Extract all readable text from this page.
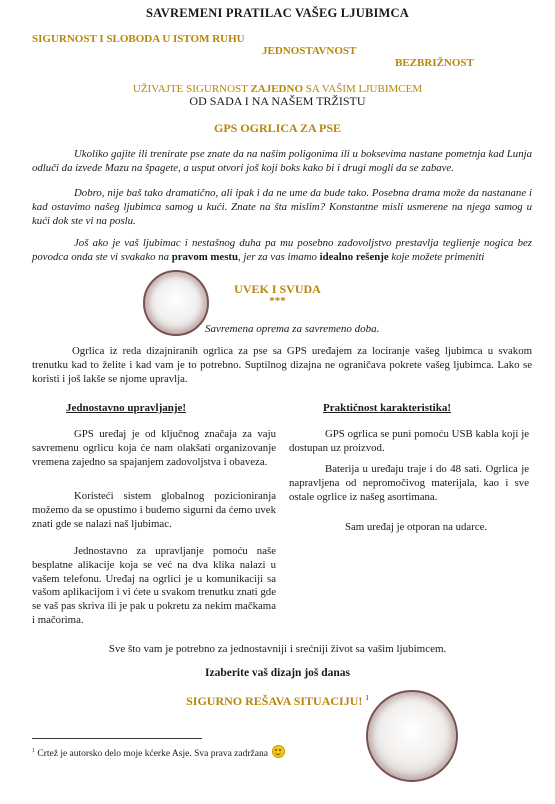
SAVREMENI PRATILAC VAŠEG LJUBIMCA
SIGURNOST I SLOBODA U ISTOM RUHU
JEDNOSTAVNOST
BEZBRIŽNOST
UŽIVAJTE SIGURNOST ZAJEDNO SA VAŠIM LJUBIMCEM
OD SADA I NA NAŠEM TRŽISTU
GPS OGRLICA ZA PSE
Ukoliko gajite ili trenirate pse znate da na našim poligonima ili u boksevima nastane pometnja kad Lunja odluči da izvede Mazu na špagete, a usput otvori još koji boks kako bi i drugi mogli da se zabave.
Dobro, nije baš tako dramatično, ali ipak i da ne ume da bude tako. Posebna drama može da nastanane i kad ostavimo našeg ljubimca samog u kući. Znate na šta mislim? Konstantne misli usmerene na njega samog u kući dok ste vi na poslu.
Još ako je vaš ljubimac i nestašnog duha pa mu posebno zadovoljstvo prestavlja teglienje nogica bez povodca onda ste vi svakako na pravom mestu, jer za vas imamo idealno rešenje koje možete primeniti
UVEK I SVUDA
***
Savremena oprema za savremeno doba.
Ogrlica iz reda dizajniranih ogrlica za pse sa GPS uređajem za lociranje vašeg ljubimca u svakom trenutku kad to želite i kad vam je to potrebno. Suptilnog dizajna ne ograničava pokrete vašeg ljubimca. Lako se koristi i još lakše se njome upravlja.
Jednostavno upravljanje!	Praktičnost karakteristika!
GPS uređaj je od ključnog značaja za vaju savremenu ogrlicu koja će nam olakšati organizovanje vremena zajedno sa spajanjem zadovoljstva i obaveza.
Koristeći sistem globalnog pozicioniranja možemo da se opustimo i budemo sigurni da ćemo uvek znati gde se nalazi naš ljubimac.
Jednostavno za upravljanje pomoću naše besplatne alikacije koja se već na dva klika nalazi u vašem telefonu. Uređaj na ogrlici je u komunikaciji sa vašom aplikacijom i vi ćete u svakom trenutku znati gde se vaš pas skriva ili je pak u pokretu za nekim mačkama i mačorima.
GPS ogrlica se puni pomoću USB kabla koji je dostupan uz proizvod.
Baterija u uređaju traje i do 48 sati. Ogrlica je napravljena od nepromočivog materijala, kao i sve ostale ogrlice iz našeg asortimana.
Sam uređaj je otporan na udarce.
Sve što vam je potrebno za jednostavniji i srećniji život sa vašim ljubimcem.
Izaberite vaš dizajn još danas
SIGURNO REŠAVA SITUACIJU! $^1$
$^1$ Crtež je autorsko delo moje kćerke Asje. Sva prava zadržana
